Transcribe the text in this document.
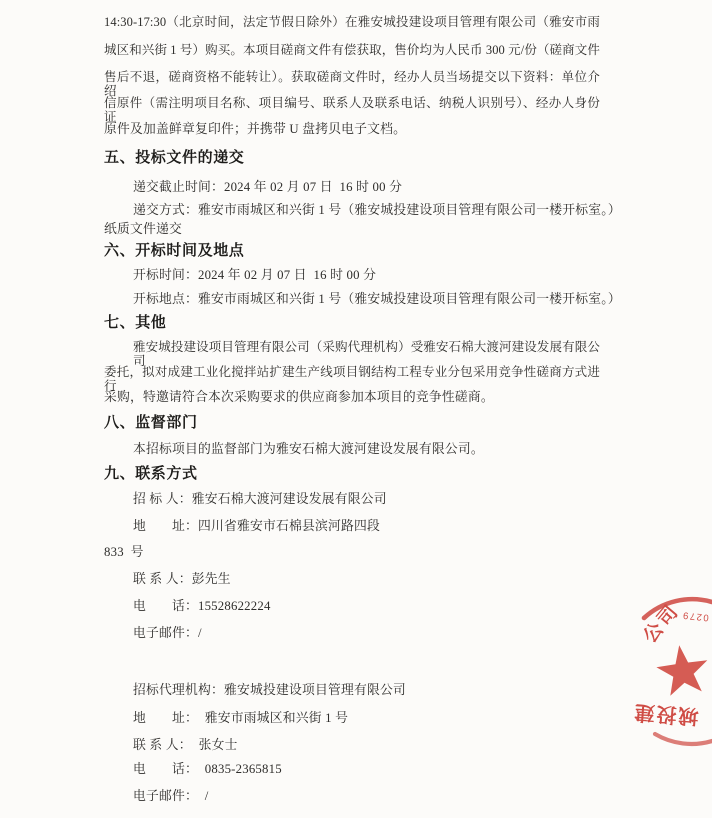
14:30-17:30（北京时间，法定节假日除外）在雅安城投建设项目管理有限公司（雅安市雨
城区和兴街 1 号）购买。本项目磋商文件有偿获取，售价均为人民币 300 元/份（磋商文件
售后不退，磋商资格不能转让）。获取磋商文件时，经办人员当场提交以下资料：单位介绍
信原件（需注明项目名称、项目编号、联系人及联系电话、纳税人识别号）、经办人身份证
原件及加盖鲜章复印件；并携带 U 盘拷贝电子文档。
五、投标文件的递交
递交截止时间：2024 年 02 月 07 日  16 时 00 分
递交方式：雅安市雨城区和兴街 1 号（雅安城投建设项目管理有限公司一楼开标室。）
纸质文件递交
六、开标时间及地点
开标时间：2024 年 02 月 07 日  16 时 00 分
开标地点：雅安市雨城区和兴街 1 号（雅安城投建设项目管理有限公司一楼开标室。）
七、其他
雅安城投建设项目管理有限公司（采购代理机构）受雅安石棉大渡河建设发展有限公司
委托，拟对成建工业化搅拌站扩建生产线项目钢结构工程专业分包采用竞争性磋商方式进行
采购，特邀请符合本次采购要求的供应商参加本项目的竞争性磋商。
八、监督部门
本招标项目的监督部门为雅安石棉大渡河建设发展有限公司。
九、联系方式
招 标 人：雅安石棉大渡河建设发展有限公司
地　　址：四川省雅安市石棉县滨河路四段
833  号
联 系 人：彭先生
电　　话：15528622224
电子邮件：/
招标代理机构：雅安城投建设项目管理有限公司
地　　址：  雅安市雨城区和兴街 1 号
联 系 人：  张女士
电　　话：  0835-2365815
电子邮件：  /
公司
0279
城投建
